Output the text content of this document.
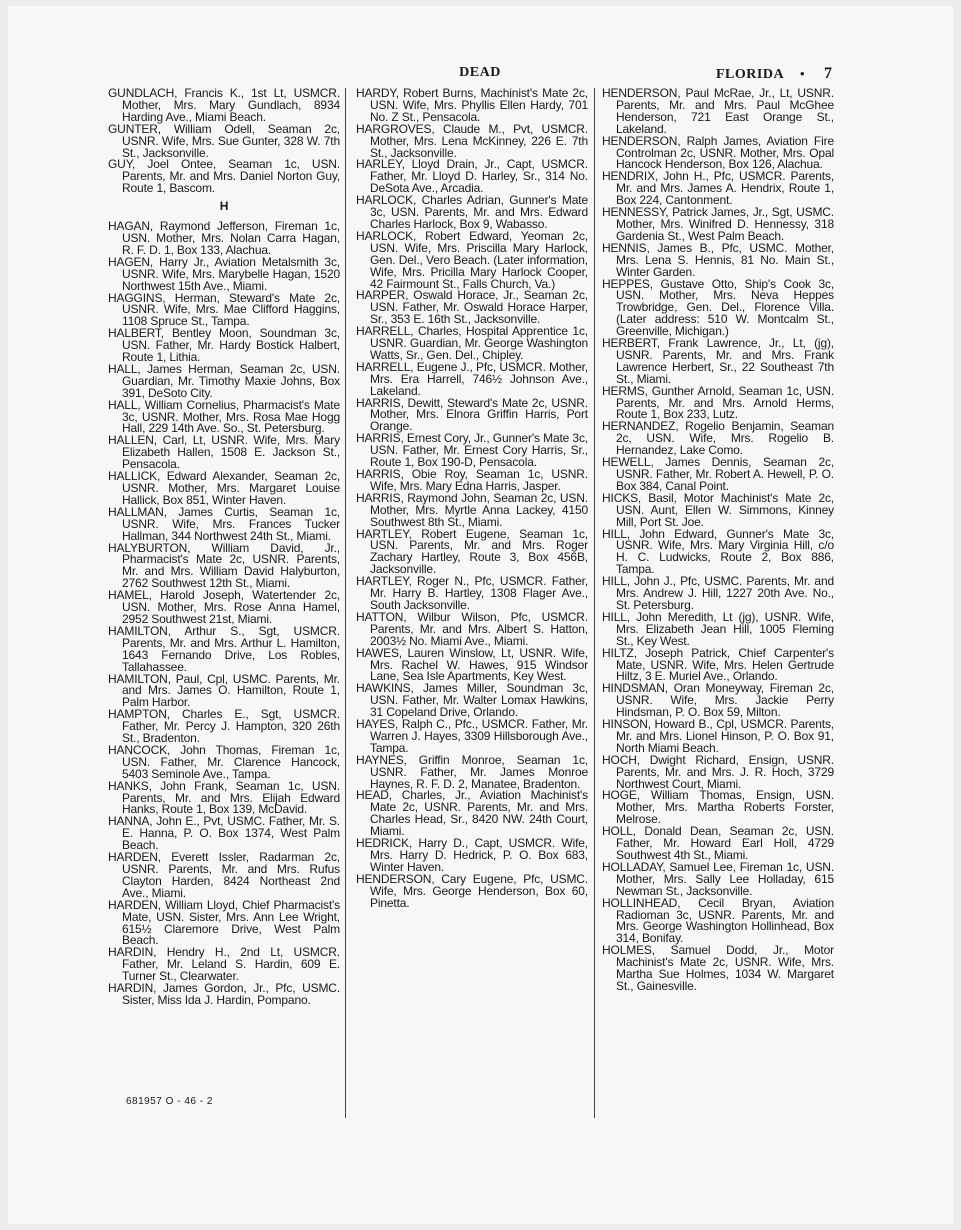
DEAD	FLORIDA • 7
GUNDLACH, Francis K., 1st Lt, USMCR. Mother, Mrs. Mary Gundlach, 8934 Harding Ave., Miami Beach.
GUNTER, William Odell, Seaman 2c, USNR. Wife, Mrs. Sue Gunter, 328 W. 7th St., Jacksonville.
GUY, Joel Ontee, Seaman 1c, USN. Parents, Mr. and Mrs. Daniel Norton Guy, Route 1, Bascom.
H
HAGAN, Raymond Jefferson, Fireman 1c, USN. Mother, Mrs. Nolan Carra Hagan, R. F. D. 1, Box 133, Alachua.
HAGEN, Harry Jr., Aviation Metalsmith 3c, USNR. Wife, Mrs. Marybelle Hagan, 1520 Northwest 15th Ave., Miami.
HAGGINS, Herman, Steward's Mate 2c, USNR. Wife, Mrs. Mae Clifford Haggins, 1108 Spruce St., Tampa.
HALBERT, Bentley Moon, Soundman 3c, USN. Father, Mr. Hardy Bostick Halbert, Route 1, Lithia.
HALL, James Herman, Seaman 2c, USN. Guardian, Mr. Timothy Maxie Johns, Box 391, DeSoto City.
HALL, William Cornelius, Pharmacist's Mate 3c, USNR. Mother, Mrs. Rosa Mae Hogg Hall, 229 14th Ave. So., St. Petersburg.
HALLEN, Carl, Lt, USNR. Wife, Mrs. Mary Elizabeth Hallen, 1508 E. Jackson St., Pensacola.
HALLICK, Edward Alexander, Seaman 2c, USNR. Mother, Mrs. Margaret Louise Hallick, Box 851, Winter Haven.
HALLMAN, James Curtis, Seaman 1c, USNR. Wife, Mrs. Frances Tucker Hallman, 344 Northwest 24th St., Miami.
HALYBURTON, William David, Jr., Pharmacist's Mate 2c, USNR. Parents, Mr. and Mrs. William David Halyburton, 2762 Southwest 12th St., Miami.
HAMEL, Harold Joseph, Watertender 2c, USN. Mother, Mrs. Rose Anna Hamel, 2952 Southwest 21st, Miami.
HAMILTON, Arthur S., Sgt, USMCR. Parents, Mr. and Mrs. Arthur L. Hamilton, 1643 Fernando Drive, Los Robles, Tallahassee.
HAMILTON, Paul, Cpl, USMC. Parents, Mr. and Mrs. James O. Hamilton, Route 1, Palm Harbor.
HAMPTON, Charles E., Sgt, USMCR. Father, Mr. Percy J. Hampton, 320 26th St., Bradenton.
HANCOCK, John Thomas, Fireman 1c, USN. Father, Mr. Clarence Hancock, 5403 Seminole Ave., Tampa.
HANKS, John Frank, Seaman 1c, USN. Parents, Mr. and Mrs. Elijah Edward Hanks, Route 1, Box 139, McDavid.
HANNA, John E., Pvt, USMC. Father, Mr. S. E. Hanna, P. O. Box 1374, West Palm Beach.
HARDEN, Everett Issler, Radarman 2c, USNR. Parents, Mr. and Mrs. Rufus Clayton Harden, 8424 Northeast 2nd Ave., Miami.
HARDEN, William Lloyd, Chief Pharmacist's Mate, USN. Sister, Mrs. Ann Lee Wright, 615½ Claremore Drive, West Palm Beach.
HARDIN, Hendry H., 2nd Lt, USMCR. Father, Mr. Leland S. Hardin, 609 E. Turner St., Clearwater.
HARDIN, James Gordon, Jr., Pfc, USMC. Sister, Miss Ida J. Hardin, Pompano.
HARDY, Robert Burns, Machinist's Mate 2c, USN. Wife, Mrs. Phyllis Ellen Hardy, 701 No. Z St., Pensacola.
HARGROVES, Claude M., Pvt, USMCR. Mother, Mrs. Lena McKinney, 226 E. 7th St., Jacksonville.
HARLEY, Lloyd Drain, Jr., Capt, USMCR. Father, Mr. Lloyd D. Harley, Sr., 314 No. DeSota Ave., Arcadia.
HARLOCK, Charles Adrian, Gunner's Mate 3c, USN. Parents, Mr. and Mrs. Edward Charles Harlock, Box 9, Wabasso.
HARLOCK, Robert Edward, Yeoman 2c, USN. Wife, Mrs. Priscilla Mary Harlock, Gen. Del., Vero Beach. (Later information, Wife, Mrs. Pricilla Mary Harlock Cooper, 42 Fairmount St., Falls Church, Va.)
HARPER, Oswald Horace, Jr., Seaman 2c, USN. Father, Mr. Oswald Horace Harper, Sr., 353 E. 16th St., Jacksonville.
HARRELL, Charles, Hospital Apprentice 1c, USNR. Guardian, Mr. George Washington Watts, Sr., Gen. Del., Chipley.
HARRELL, Eugene J., Pfc, USMCR. Mother, Mrs. Era Harrell, 746½ Johnson Ave., Lakeland.
HARRIS, Dewitt, Steward's Mate 2c, USNR. Mother, Mrs. Elnora Griffin Harris, Port Orange.
HARRIS, Ernest Cory, Jr., Gunner's Mate 3c, USN. Father, Mr. Ernest Cory Harris, Sr., Route 1, Box 190-D, Pensacola.
HARRIS, Obie Roy, Seaman 1c, USNR. Wife, Mrs. Mary Edna Harris, Jasper.
HARRIS, Raymond John, Seaman 2c, USN. Mother, Mrs. Myrtle Anna Lackey, 4150 Southwest 8th St., Miami.
HARTLEY, Robert Eugene, Seaman 1c, USN. Parents, Mr. and Mrs. Roger Zachary Hartley, Route 3, Box 456B, Jacksonville.
HARTLEY, Roger N., Pfc, USMCR. Father, Mr. Harry B. Hartley, 1308 Flager Ave., South Jacksonville.
HATTON, Wilbur Wilson, Pfc, USMCR. Parents, Mr. and Mrs. Albert S. Hatton, 2003½ No. Miami Ave., Miami.
HAWES, Lauren Winslow, Lt, USNR. Wife, Mrs. Rachel W. Hawes, 915 Windsor Lane, Sea Isle Apartments, Key West.
HAWKINS, James Miller, Soundman 3c, USN. Father, Mr. Walter Lomax Hawkins, 31 Copeland Drive, Orlando.
HAYES, Ralph C., Pfc., USMCR. Father, Mr. Warren J. Hayes, 3309 Hillsborough Ave., Tampa.
HAYNES, Griffin Monroe, Seaman 1c, USNR. Father, Mr. James Monroe Haynes, R. F. D. 2, Manatee, Bradenton.
HEAD, Charles, Jr., Aviation Machinist's Mate 2c, USNR. Parents, Mr. and Mrs. Charles Head, Sr., 8420 NW. 24th Court, Miami.
HEDRICK, Harry D., Capt, USMCR. Wife, Mrs. Harry D. Hedrick, P. O. Box 683, Winter Haven.
HENDERSON, Cary Eugene, Pfc, USMC. Wife, Mrs. George Henderson, Box 60, Pinetta.
HENDERSON, Paul McRae, Jr., Lt, USNR. Parents, Mr. and Mrs. Paul McGhee Henderson, 721 East Orange St., Lakeland.
HENDERSON, Ralph James, Aviation Fire Controlman 2c, USNR. Mother, Mrs. Opal Hancock Henderson, Box 126, Alachua.
HENDRIX, John H., Pfc, USMCR. Parents, Mr. and Mrs. James A. Hendrix, Route 1, Box 224, Cantonment.
HENNESSY, Patrick James, Jr., Sgt, USMC. Mother, Mrs. Winifred D. Hennessy, 318 Gardenia St., West Palm Beach.
HENNIS, James B., Pfc, USMC. Mother, Mrs. Lena S. Hennis, 81 No. Main St., Winter Garden.
HEPPES, Gustave Otto, Ship's Cook 3c, USN. Mother, Mrs. Neva Heppes Trowbridge, Gen. Del., Florence Villa. (Later address: 510 W. Montcalm St., Greenville, Michigan.)
HERBERT, Frank Lawrence, Jr., Lt, (jg), USNR. Parents, Mr. and Mrs. Frank Lawrence Herbert, Sr., 22 Southeast 7th St., Miami.
HERMS, Gunther Arnold, Seaman 1c, USN. Parents, Mr. and Mrs. Arnold Herms, Route 1, Box 233, Lutz.
HERNANDEZ, Rogelio Benjamin, Seaman 2c, USN. Wife, Mrs. Rogelio B. Hernandez, Lake Como.
HEWELL, James Dennis, Seaman 2c, USNR. Father, Mr. Robert A. Hewell, P. O. Box 384, Canal Point.
HICKS, Basil, Motor Machinist's Mate 2c, USN. Aunt, Ellen W. Simmons, Kinney Mill, Port St. Joe.
HILL, John Edward, Gunner's Mate 3c, USNR. Wife, Mrs. Mary Virginia Hill, c/o H. C. Ludwicks, Route 2, Box 886, Tampa.
HILL, John J., Pfc, USMC. Parents, Mr. and Mrs. Andrew J. Hill, 1227 20th Ave. No., St. Petersburg.
HILL, John Meredith, Lt (jg), USNR. Wife, Mrs. Elizabeth Jean Hill, 1005 Fleming St., Key West.
HILTZ, Joseph Patrick, Chief Carpenter's Mate, USNR. Wife, Mrs. Helen Gertrude Hiltz, 3 E. Muriel Ave., Orlando.
HINDSMAN, Oran Moneyway, Fireman 2c, USNR. Wife, Mrs. Jackie Perry Hindsman, P. O. Box 59, Milton.
HINSON, Howard B., Cpl, USMCR. Parents, Mr. and Mrs. Lionel Hinson, P. O. Box 91, North Miami Beach.
HOCH, Dwight Richard, Ensign, USNR. Parents, Mr. and Mrs. J. R. Hoch, 3729 Northwest Court, Miami.
HOGE, William Thomas, Ensign, USN. Mother, Mrs. Martha Roberts Forster, Melrose.
HOLL, Donald Dean, Seaman 2c, USN. Father, Mr. Howard Earl Holl, 4729 Southwest 4th St., Miami.
HOLLADAY, Samuel Lee, Fireman 1c, USN. Mother, Mrs. Sally Lee Holladay, 615 Newman St., Jacksonville.
HOLLINHEAD, Cecil Bryan, Aviation Radioman 3c, USNR. Parents, Mr. and Mrs. George Washington Hollinhead, Box 314, Bonifay.
HOLMES, Samuel Dodd, Jr., Motor Machinist's Mate 2c, USNR. Wife, Mrs. Martha Sue Holmes, 1034 W. Margaret St., Gainesville.
681957 O - 46 - 2
